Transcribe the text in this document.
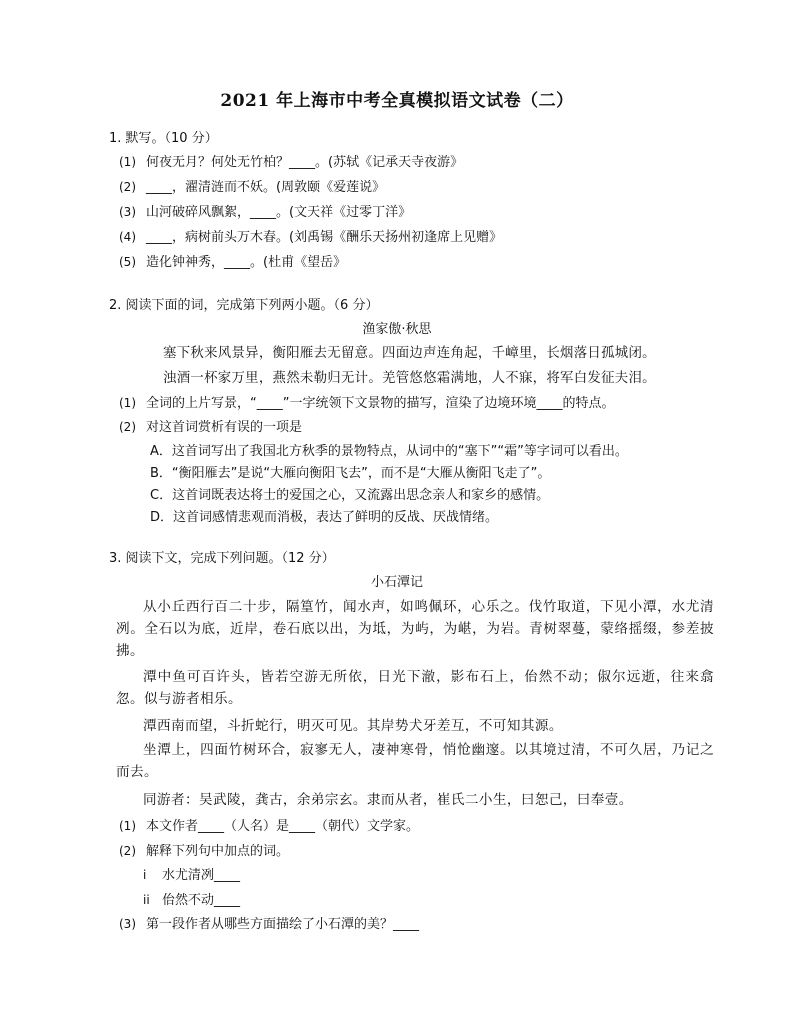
2021 年上海市中考全真模拟语文试卷（二）
1. 默写。（10 分）
(1) 何夜无月？何处无竹柏？____。(苏轼《记承天寺夜游》
(2) ____，濯清涟而不妖。(周敦颐《爱莲说》
(3) 山河破碎风飘絮，____。(文天祥《过零丁洋》
(4) ____，病树前头万木春。(刘禹锡《酬乐天扬州初逢席上见赠》
(5) 造化钟神秀，____。(杜甫《望岳》
2. 阅读下面的词，完成第下列两小题。（6 分）
渔家傲·秋思
塞下秋来风景异，衡阳雁去无留意。四面边声连角起，千嶂里，长烟落日孤城闭。
浊酒一杯家万里，燕然未勒归无计。羌管悠悠霜满地，人不寐，将军白发征夫泪。
(1) 全词的上片写景，“____”一字统领下文景物的描写，渲染了边境环境____的特点。
(2) 对这首词赏析有误的一项是
A．这首词写出了我国北方秋季的景物特点，从词中的“塞下”“霜”等字词可以看出。
B．“衡阳雁去”是说“大雁向衡阳飞去”，而不是“大雁从衡阳飞走了”。
C．这首词既表达将士的爱国之心，又流露出思念亲人和家乡的感情。
D．这首词感情悲观而消极，表达了鲜明的反战、厌战情绪。
3. 阅读下文，完成下列问题。（12 分）
小石潭记
从小丘西行百二十步，隔篁竹，闻水声，如鸣佩环，心乐之。伐竹取道，下见小潭，水尤清冽。全石以为底，近岸，卷石底以出，为坻，为屿，为嵁，为岩。青树翠蔓，蒙络摇缀，参差披拂。
潭中鱼可百许头，皆若空游无所依，日光下澈，影布石上，佁然不动；俶尔远逝，往来翕忽。似与游者相乐。
潭西南而望，斗折蛇行，明灭可见。其岸势犬牙差互，不可知其源。
坐潭上，四面竹树环合，寂寥无人，凄神寒骨，悄怆幽邃。以其境过清，不可久居，乃记之而去。
同游者：吴武陵，龚古，余弟宗玄。隶而从者，崔氏二小生，曰恕己，曰奉壹。
(1) 本文作者____（人名）是____（朝代）文学家。
(2) 解释下列句中加点的词。
i 水尤清冽____
ii 佁然不动____
(3) 第一段作者从哪些方面描绘了小石潭的美？____
